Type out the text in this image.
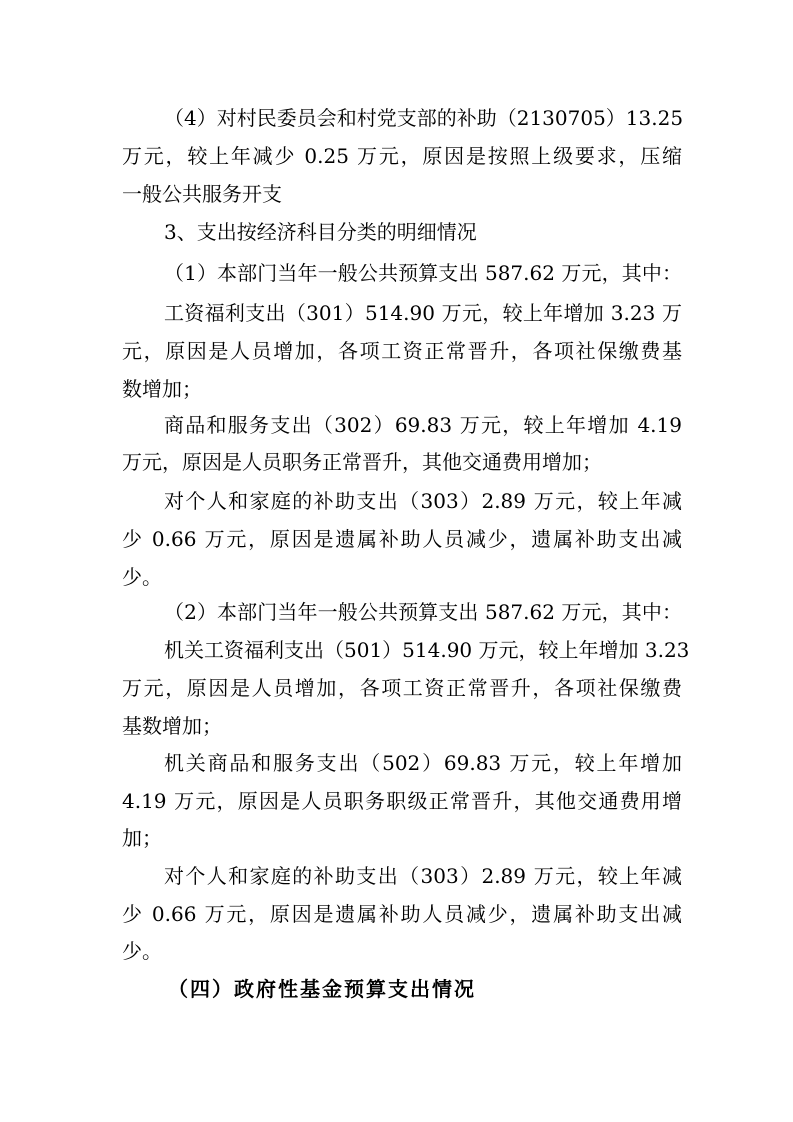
（4）对村民委员会和村党支部的补助（2130705）13.25
万元，较上年减少 0.25 万元，原因是按照上级要求，压缩
一般公共服务开支
3、支出按经济科目分类的明细情况
（1）本部门当年一般公共预算支出 587.62 万元，其中：
工资福利支出（301）514.90 万元，较上年增加 3.23 万
元，原因是人员增加，各项工资正常晋升，各项社保缴费基
数增加；
商品和服务支出（302）69.83 万元，较上年增加 4.19
万元，原因是人员职务正常晋升，其他交通费用增加；
对个人和家庭的补助支出（303）2.89 万元，较上年减
少 0.66 万元，原因是遗属补助人员减少，遗属补助支出减
少。
（2）本部门当年一般公共预算支出 587.62 万元，其中：
机关工资福利支出（501）514.90 万元，较上年增加 3.23
万元，原因是人员增加，各项工资正常晋升，各项社保缴费
基数增加；
机关商品和服务支出（502）69.83 万元，较上年增加
4.19 万元，原因是人员职务职级正常晋升，其他交通费用增
加；
对个人和家庭的补助支出（303）2.89 万元，较上年减
少 0.66 万元，原因是遗属补助人员减少，遗属补助支出减
少。
（四）政府性基金预算支出情况
